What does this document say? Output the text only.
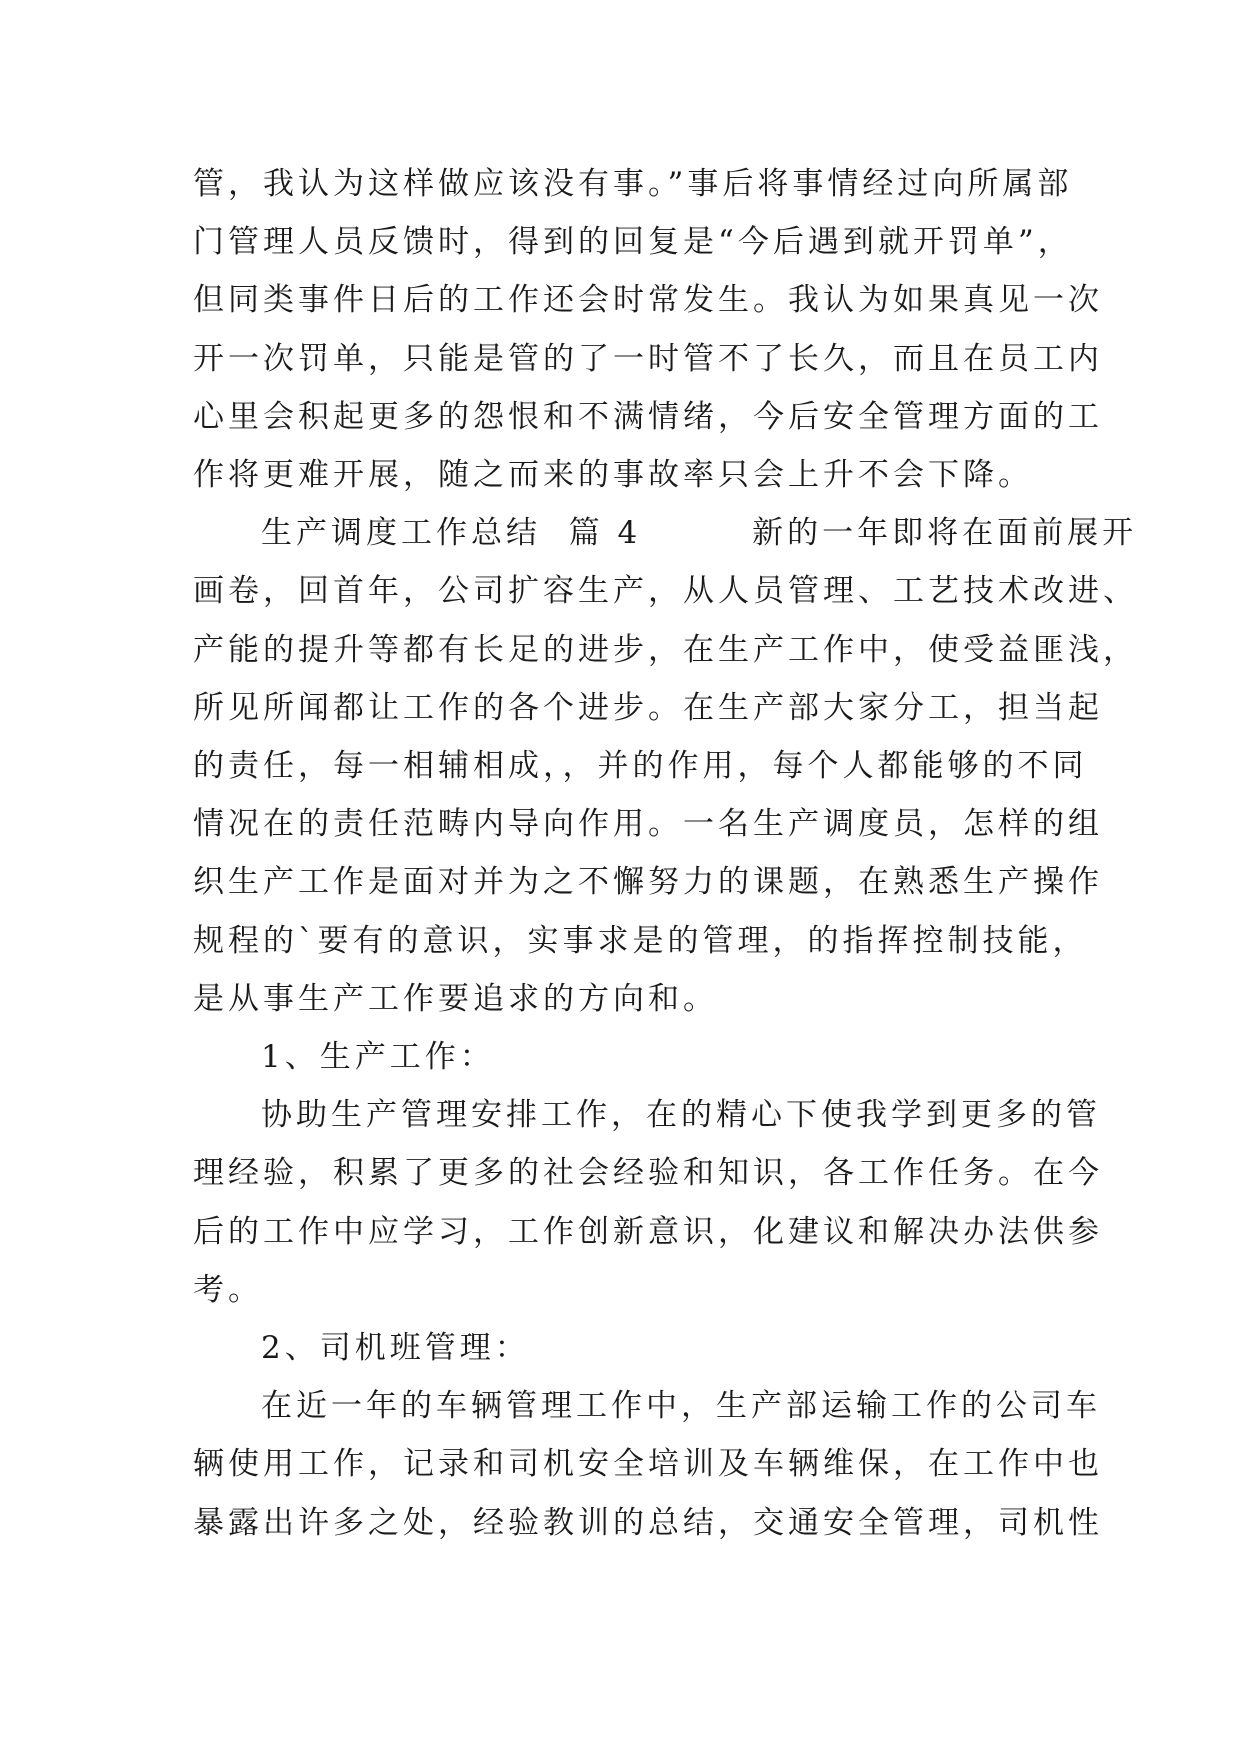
管，我认为这样做应该没有事。”事后将事情经过向所属部
门管理人员反馈时，得到的回复是“今后遇到就开罚单”，
但同类事件日后的工作还会时常发生。我认为如果真见一次
开一次罚单，只能是管的了一时管不了长久，而且在员工内
心里会积起更多的怨恨和不满情绪，今后安全管理方面的工
作将更难开展，随之而来的事故率只会上升不会下降。
生产调度工作总结  篇 4        新的一年即将在面前展开
画卷，回首年，公司扩容生产，从人员管理、工艺技术改进、
产能的提升等都有长足的进步，在生产工作中，使受益匪浅，
所见所闻都让工作的各个进步。在生产部大家分工，担当起
的责任，每一相辅相成，，并的作用，每个人都能够的不同
情况在的责任范畴内导向作用。一名生产调度员，怎样的组
织生产工作是面对并为之不懈努力的课题，在熟悉生产操作
规程的`要有的意识，实事求是的管理，的指挥控制技能，
是从事生产工作要追求的方向和。
1、生产工作：
协助生产管理安排工作，在的精心下使我学到更多的管
理经验，积累了更多的社会经验和知识，各工作任务。在今
后的工作中应学习，工作创新意识，化建议和解决办法供参
考。
2、司机班管理：
在近一年的车辆管理工作中，生产部运输工作的公司车
辆使用工作，记录和司机安全培训及车辆维保，在工作中也
暴露出许多之处，经验教训的总结，交通安全管理，司机性
